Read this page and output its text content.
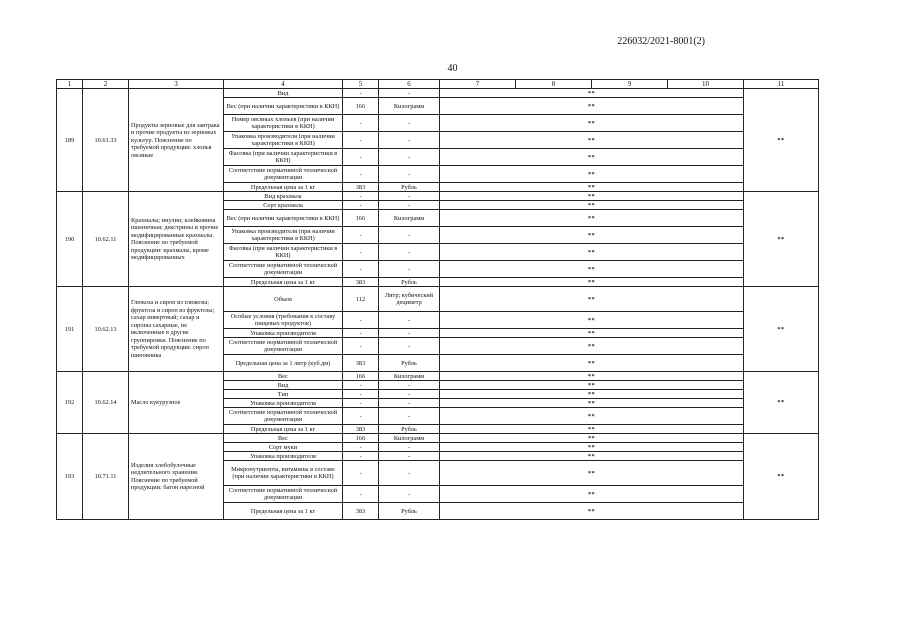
226032/2021-8001(2)
40
1	2	3	4	5	6	7	8	9	10	11
189	10.61.33	Продукты зерновые для завтрака и прочие продукты из зерновых культур. Пояснение по требуемой продукции: хлопья овсяные	Вид	-	-	**				**
			Вес (при наличии характеристики в ККН)	166	Килограмм	**				
			Номер овсяных хлопьев (при наличии характеристики в ККН)	-	-	**				
			Упаковка производителя (при наличии характеристики в ККН)	-	-	**				
			Фасовка (при наличии характеристики в ККН)	-	-	**				
			Соответствие нормативной технической документации	-	-	**				
			Предельная цена за 1 кг	383	Рубль	**				
190	10.62.11	Крахмалы; инулин; клейковина пшеничная; декстрины и прочие модифицированные крахмалы. Пояснение по требуемой продукции: крахмалы, кроме модифицированных	Вид крахмала	-	-	**				**
			Сорт крахмала	-	-	**				
			Вес (при наличии характеристики в ККН)	166	Килограмм	**				
			Упаковка производителя (при наличии характеристики в ККН)	-	-	**				
			Фасовка (при наличии характеристики в ККН)	-	-	**				
			Соответствие нормативной технической документации	-	-	**				
			Предельная цена за 1 кг	383	Рубль	**				
191	10.62.13	Глюкоза и сироп из глюкозы; фруктоза и сироп из фруктозы; сахар инвертный; сахар и сиропы сахарные, не включенные в другие группировки. Пояснение по требуемой продукции: сироп шиповника	Объем	112	Литр; кубический дециметр	**				**
			Особые условия (требования к составу пищевых продуктов)	-	-	**				
			Упаковка производителя	-	-	**				
			Соответствие нормативной технической документации	-	-	**				
			Предельная цена за 1 литр (куб.дм)	383	Рубль	**				
192	10.62.14	Масло кукурузное	Вес	166	Килограмм	**				**
			Вид	-	-	**				
			Тип	-	-	**				
			Упаковка производителя	-	-	**				
			Соответствие нормативной технической документации	-	-	**				
			Предельная цена за 1 кг	383	Рубль	**				
193	10.71.11	Изделия хлебобулочные недлительного хранения. Пояснение по требуемой продукции: батон нарезной	Вес	166	Килограмм	**				**
			Сорт муки	-	-	**				
			Упаковка производителя	-	-	**				
			Микронутриенты, витамины в составе (при наличии характеристики в ККН)	-	-	**				
			Соответствие нормативной технической документации	-	-	**				
			Предельная цена за 1 кг	383	Рубль	**				
